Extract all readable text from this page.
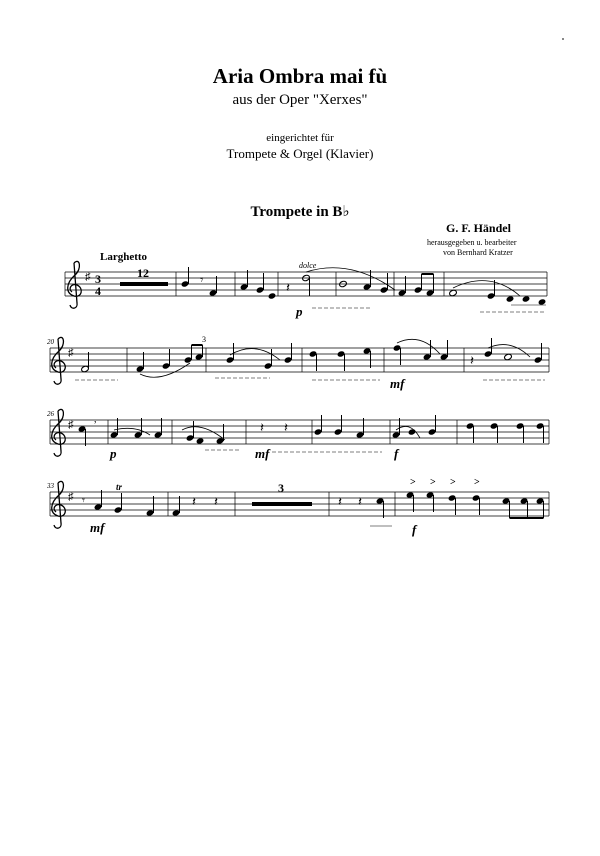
Aria Ombra mai fù
aus der Oper "Xerxes"
eingerichtet für
Trompete & Orgel (Klavier)
Trompete in B♭
G. F. Händel
herausgegeben u. bearbeiter
von Bernhard Kratzer
Larghetto
♯ 3
4
12	𝄾
𝄽
dolce
p
20
♯
3
mf
𝄽
26
♯ ,
p
𝄽 𝄽
mf	f
33
♯ 𝄾
tr
mf
𝄽 𝄽
3
𝄽 𝄽
> > > >
f
